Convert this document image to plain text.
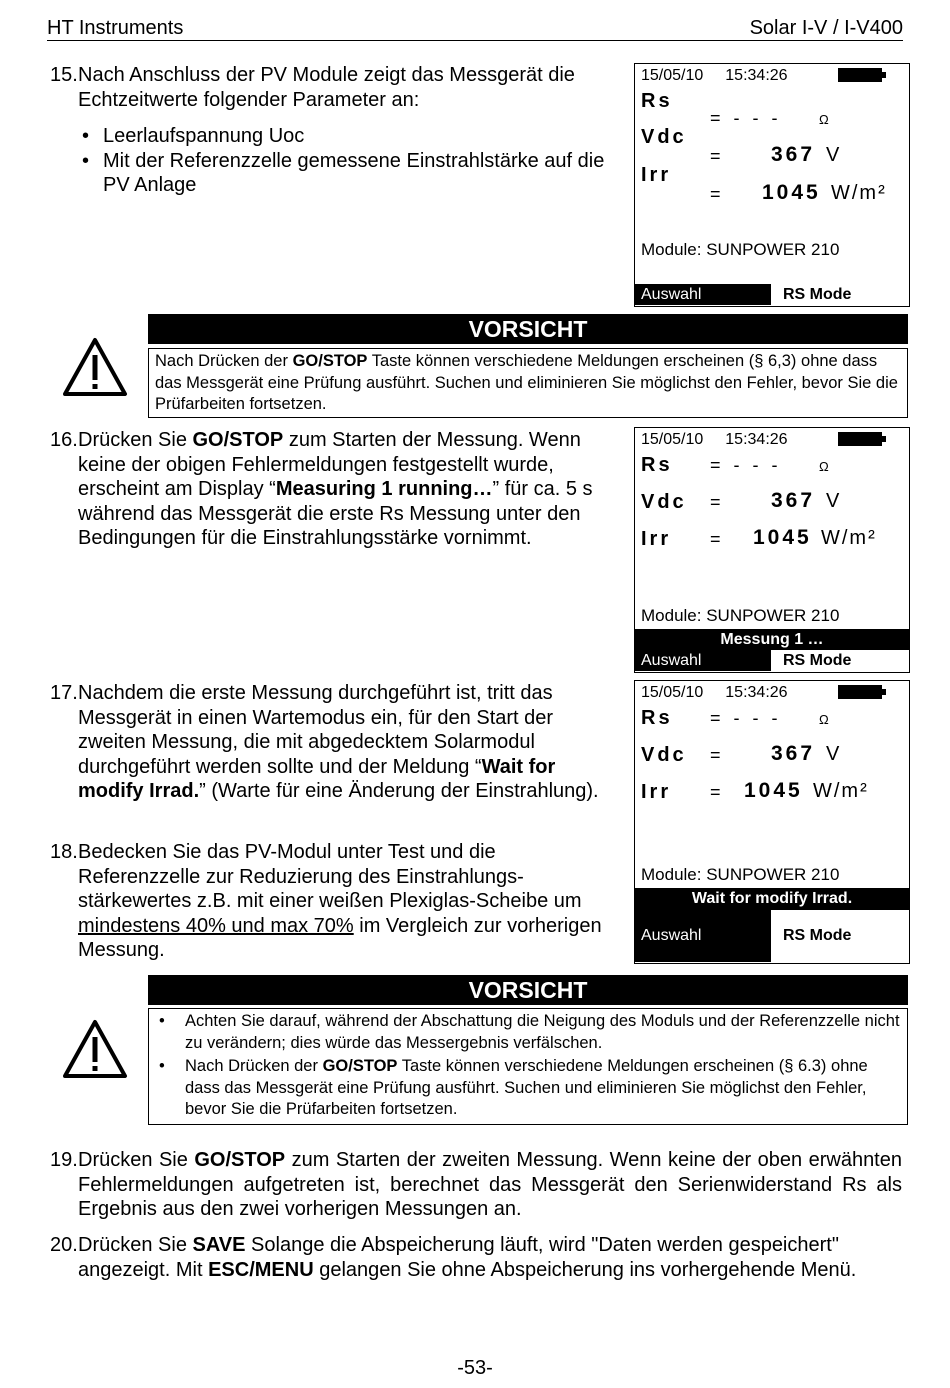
HT Instruments	Solar I-V / I-V400
15. Nach Anschluss der PV Module zeigt das Messgerät die Echtzeitwerte folgender Parameter an:
• Leerlaufspannung Uoc
• Mit der Referenzzelle gemessene Einstrahlstärke auf die PV Anlage
15/05/10 15:34:26
Rs
= - - -	Ω
Vdc
= 367 V
Irr
= 1045 W/m²
Module: SUNPOWER 210
Auswahl	RS Mode
VORSICHT
Nach Drücken der GO/STOP Taste können verschiedene Meldungen erscheinen (§ 6,3) ohne dass das Messgerät eine Prüfung ausführt. Suchen und eliminieren Sie möglichst den Fehler, bevor Sie die Prüfarbeiten fortsetzen.
16. Drücken Sie GO/STOP zum Starten der Messung. Wenn keine der obigen Fehlermeldungen festgestellt wurde, erscheint am Display “Measuring 1 running…” für ca. 5 s während das Messgerät die erste Rs Messung unter den Bedingungen für die Einstrahlungsstärke vornimmt.
15/05/10 15:34:26
Rs = - - -	Ω
Vdc = 367 V
Irr = 1045 W/m²
Module: SUNPOWER 210
Messung 1 …
Auswahl	RS Mode
17. Nachdem die erste Messung durchgeführt ist, tritt das Messgerät in einen Wartemodus ein, für den Start der zweiten Messung, die mit abgedecktem Solarmodul durchgeführt werden sollte und der Meldung “Wait for modify Irrad.” (Warte für eine Änderung der Einstrahlung).
18. Bedecken Sie das PV-Modul unter Test und die Referenzzelle zur Reduzierung des Einstrahlungs-stärkewertes z.B. mit einer weißen Plexiglas-Scheibe um mindestens 40% und max 70% im Vergleich zur vorherigen Messung.
15/05/10 15:34:26
Rs = - - -	Ω
Vdc = 367 V
Irr = 1045 W/m²
Module: SUNPOWER 210
Wait for modify Irrad.
Auswahl	RS Mode
VORSICHT
• Achten Sie darauf, während der Abschattung die Neigung des Moduls und der Referenzzelle nicht zu verändern; dies würde das Messergebnis verfälschen.
• Nach Drücken der GO/STOP Taste können verschiedene Meldungen erscheinen (§ 6.3) ohne dass das Messgerät eine Prüfung ausführt. Suchen und eliminieren Sie möglichst den Fehler, bevor Sie die Prüfarbeiten fortsetzen.
19. Drücken Sie GO/STOP zum Starten der zweiten Messung. Wenn keine der oben erwähnten Fehlermeldungen aufgetreten ist, berechnet das Messgerät den Serienwiderstand Rs als Ergebnis aus den zwei vorherigen Messungen an.
20. Drücken Sie SAVE Solange die Abspeicherung läuft, wird "Daten werden gespeichert" angezeigt. Mit ESC/MENU gelangen Sie ohne Abspeicherung ins vorhergehende Menü.
-53-
